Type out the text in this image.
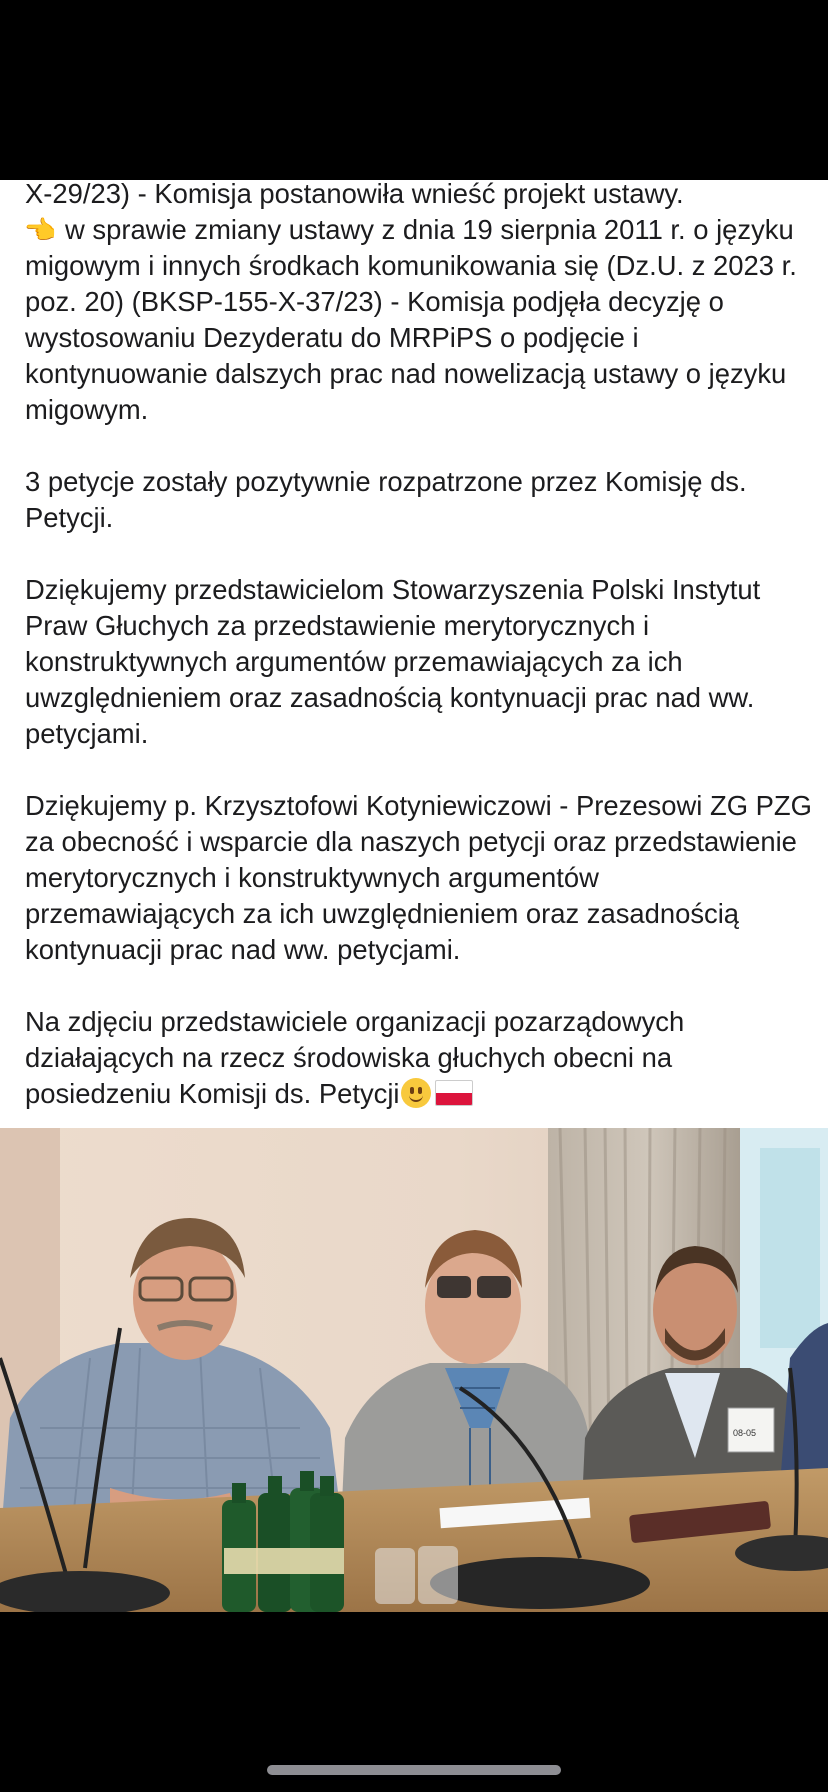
X-29/23) - Komisja postanowiła wnieść projekt ustawy.
👉 w sprawie zmiany ustawy z dnia 19 sierpnia 2011 r. o języku migowym i innych środkach komunikowania się (Dz.U. z 2023 r. poz. 20) (BKSP-155-X-37/23) - Komisja podjęła decyzję o wystosowaniu Dezyderatu do MRPiPS o podjęcie i kontynuowanie dalszych prac nad nowelizacją ustawy o języku migowym.

3 petycje zostały pozytywnie rozpatrzone przez Komisję ds. Petycji.

Dziękujemy przedstawicielom Stowarzyszenia Polski Instytut Praw Głuchych za przedstawienie merytorycznych i konstruktywnych argumentów przemawiających za ich uwzględnieniem oraz zasadnością kontynuacji prac nad ww. petycjami.

Dziękujemy p. Krzysztofowi Kotyniewiczowi - Prezesowi ZG PZG za obecność i wsparcie dla naszych petycji oraz przedstawienie merytorycznych i konstruktywnych argumentów przemawiających za ich uwzględnieniem oraz zasadnością kontynuacji prac nad ww. petycjami.

Na zdjęciu przedstawiciele organizacji pozarządowych działających na rzecz środowiska głuchych obecni na posiedzeniu Komisji ds. Petycji

08-05
